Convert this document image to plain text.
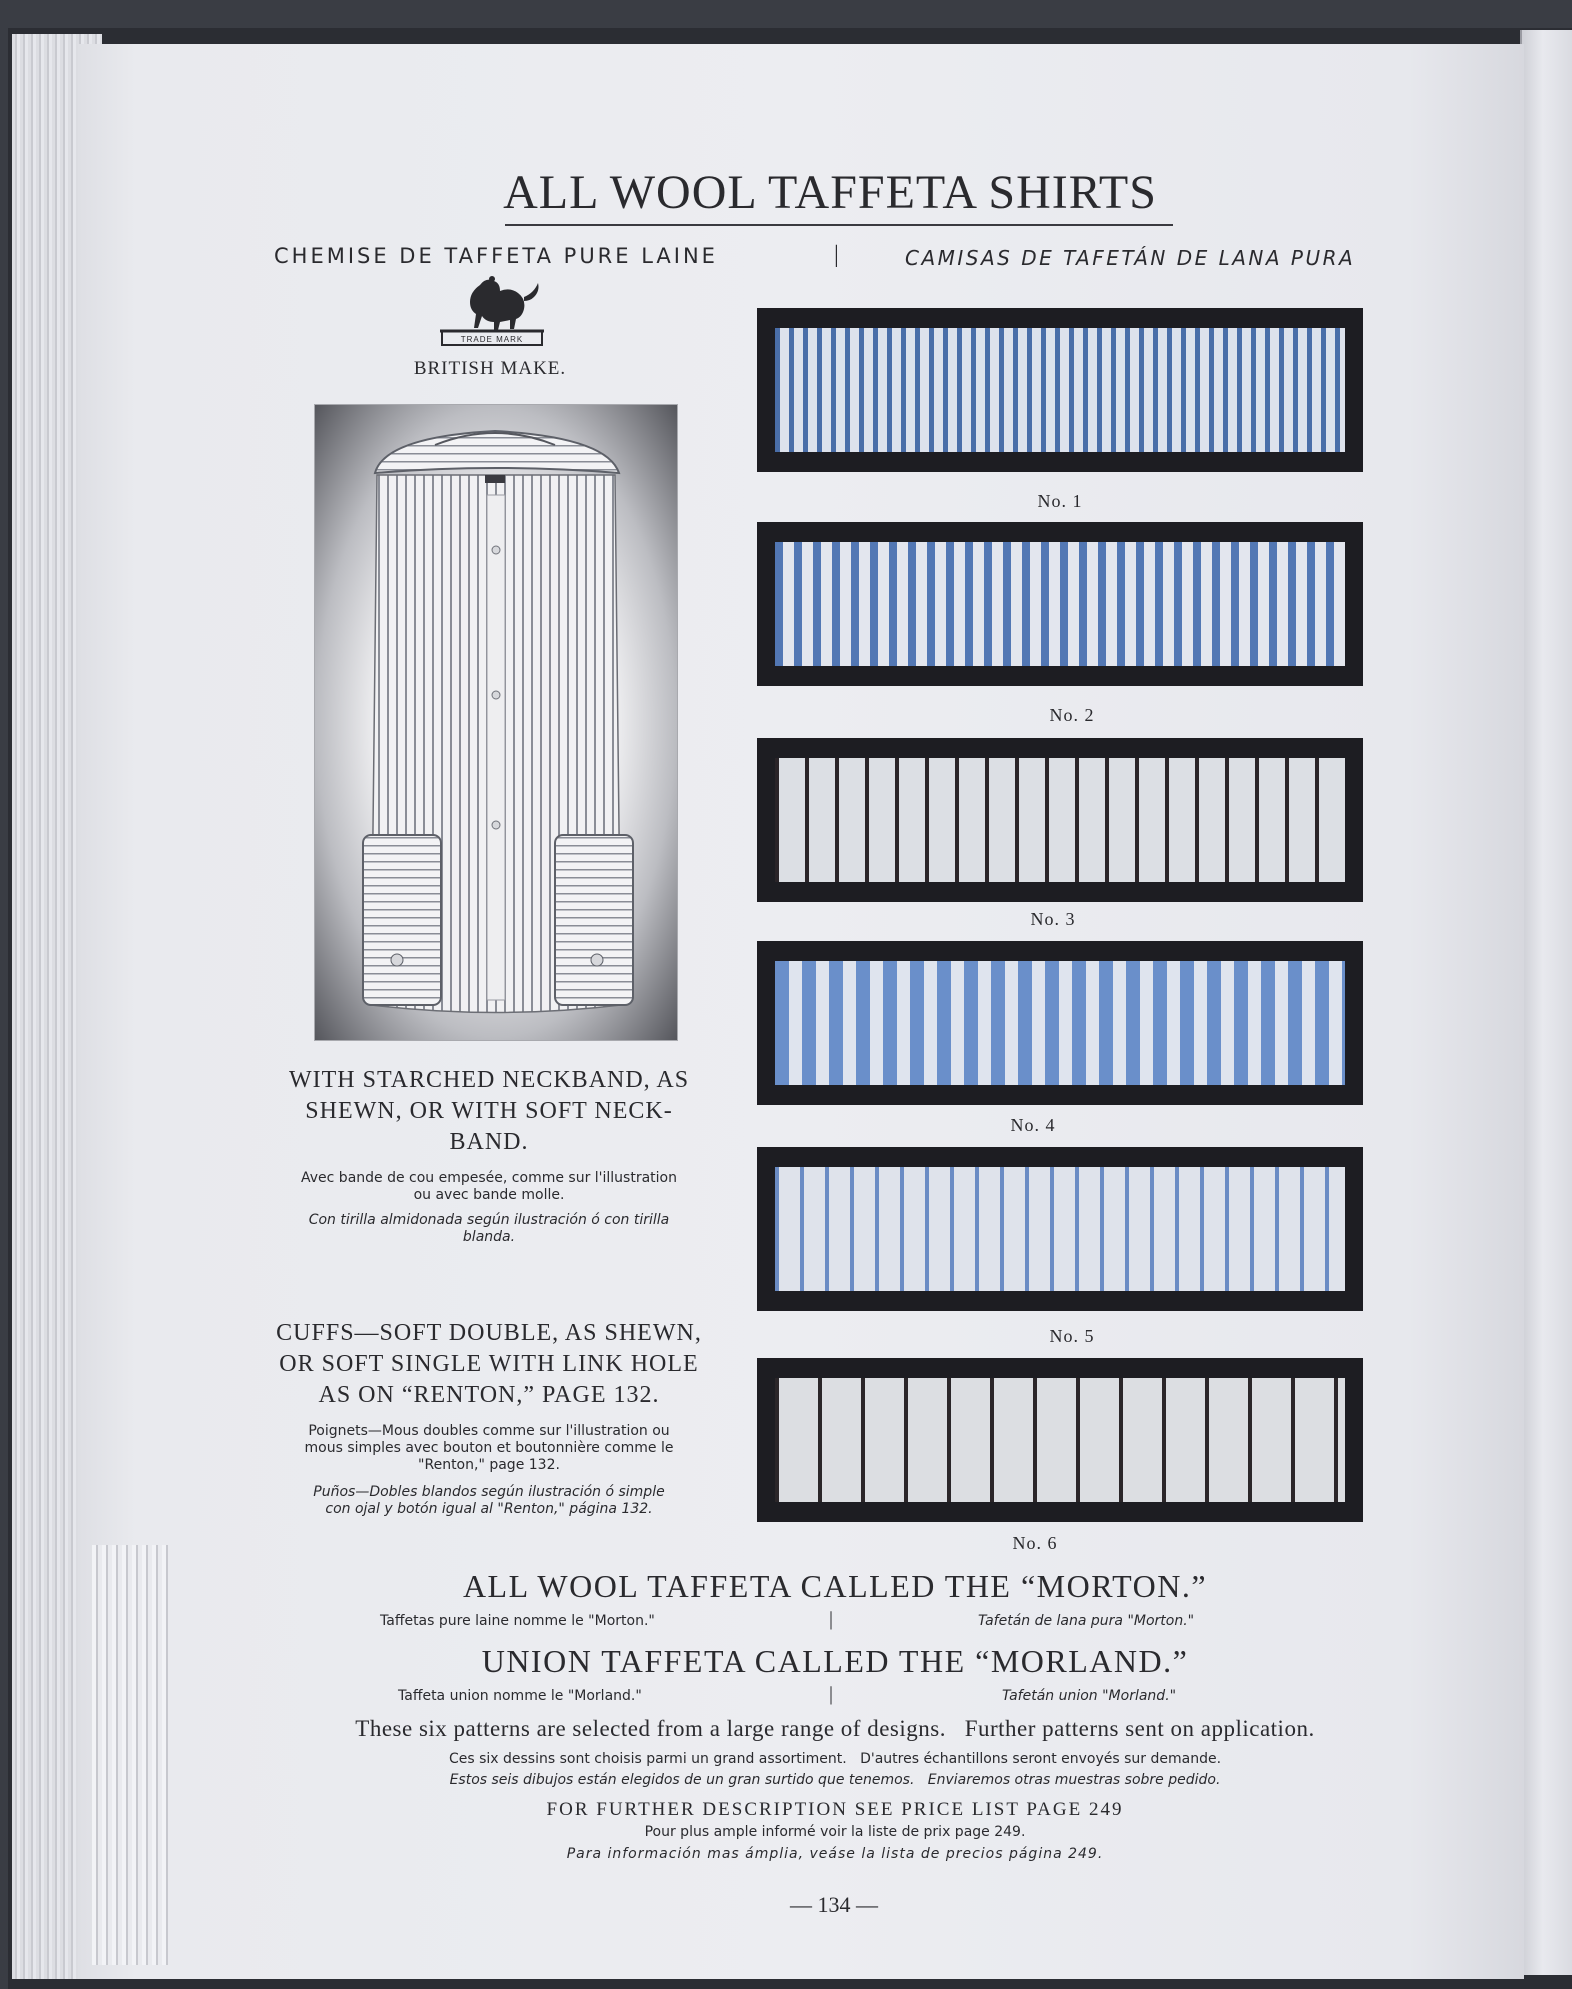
ALL WOOL TAFFETA SHIRTS
CHEMISE DE TAFFETA PURE LAINE	|	CAMISAS DE TAFETÁN DE LANA PURA
TRADE MARK
BRITISH MAKE.
WITH STARCHED NECKBAND, AS
SHEWN, OR WITH SOFT NECK-
BAND.
Avec bande de cou empesée, comme sur l'illustration
ou avec bande molle.
Con tirilla almidonada según ilustración ó con tirilla
blanda.
CUFFS—SOFT DOUBLE, AS SHEWN,
OR SOFT SINGLE WITH LINK HOLE
AS ON “RENTON,” PAGE 132.
Poignets—Mous doubles comme sur l'illustration ou
mous simples avec bouton et boutonnière comme le
"Renton," page 132.
Puños—Dobles blandos según ilustración ó simple
con ojal y botón igual al "Renton," página 132.
No. 1
No. 2
No. 3
No. 4
No. 5
No. 6
ALL WOOL TAFFETA CALLED THE “MORTON.”
Taffetas pure laine nomme le "Morton."	|	Tafetán de lana pura "Morton."
UNION TAFFETA CALLED THE “MORLAND.”
Taffeta union nomme le "Morland."	|	Tafetán union "Morland."
These six patterns are selected from a large range of designs.   Further patterns sent on application.
Ces six dessins sont choisis parmi un grand assortiment.   D'autres échantillons seront envoyés sur demande.
Estos seis dibujos están elegidos de un gran surtido que tenemos.   Enviaremos otras muestras sobre pedido.
FOR FURTHER DESCRIPTION SEE PRICE LIST PAGE 249
Pour plus ample informé voir la liste de prix page 249.
Para información mas ámplia, veáse la lista de precios página 249.
— 134 —
